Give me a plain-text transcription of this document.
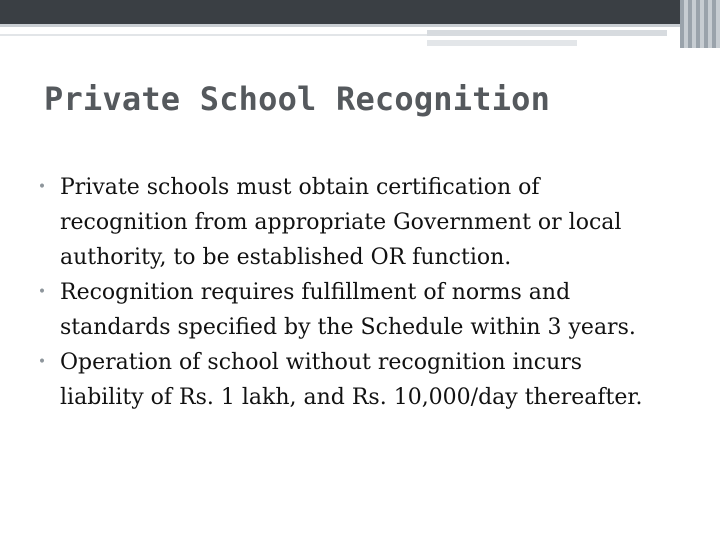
Private School Recognition
• Private schools must obtain certification of recognition from appropriate Government or local authority, to be established OR function.
• Recognition requires fulfillment of norms and standards specified by the Schedule within 3 years.
• Operation of school without recognition incurs liability of Rs. 1 lakh, and Rs. 10,000/day thereafter.
